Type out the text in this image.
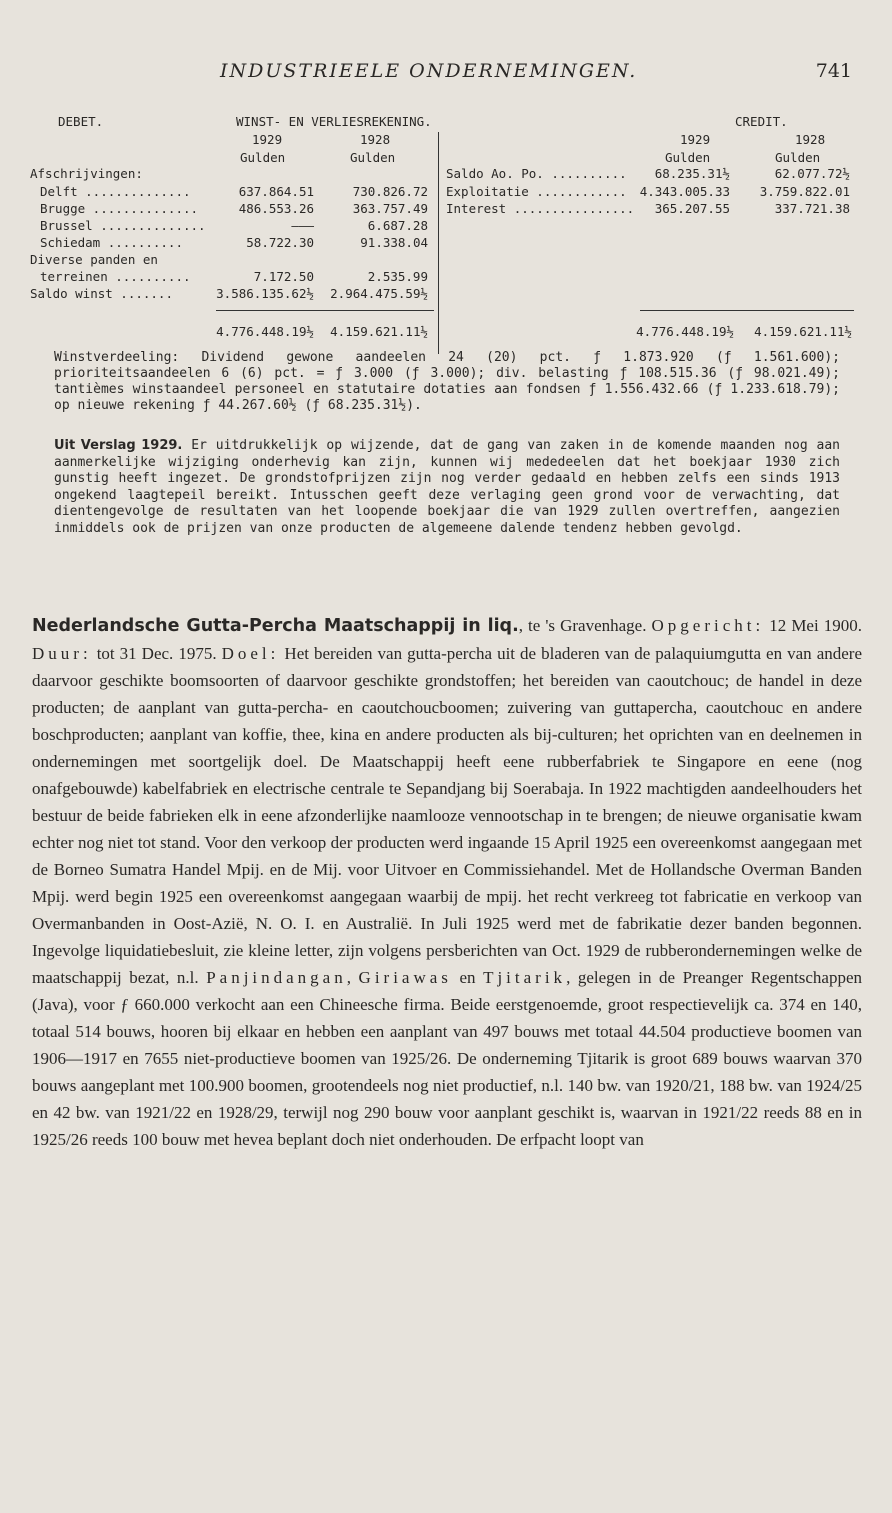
INDUSTRIEELE ONDERNEMINGEN.	741
DEBET.	WINST- EN VERLIESREKENING.	CREDIT.
1929	1928
Gulden	Gulden
1929	1928
Gulden	Gulden
Afschrijvingen:
Delft ..............	637.864.51	730.826.72
Brugge ..............	486.553.26	363.757.49
Brussel ..............	———	6.687.28
Schiedam ..........	58.722.30	91.338.04
Diverse panden en
terreinen ..........	7.172.50	2.535.99
Saldo winst .......	3.586.135.62½	2.964.475.59½
4.776.448.19½	4.159.621.11½
Saldo Ao. Po. ..........	68.235.31½	62.077.72½
Exploitatie ............	4.343.005.33	3.759.822.01
Interest ................	365.207.55	337.721.38
4.776.448.19½	4.159.621.11½
Winstverdeeling: Dividend gewone aandeelen 24 (20) pct. ƒ 1.873.920 (ƒ 1.561.600); prioriteitsaandeelen 6 (6) pct. = ƒ 3.000 (ƒ 3.000); div. belasting ƒ 108.515.36 (ƒ 98.021.49); tantièmes winstaandeel personeel en statutaire dotaties aan fondsen ƒ 1.556.432.66 (ƒ 1.233.618.79); op nieuwe rekening ƒ 44.267.60½ (ƒ 68.235.31½).
Uit Verslag 1929. Er uitdrukkelijk op wijzende, dat de gang van zaken in de komende maanden nog aan aanmerkelijke wijziging onderhevig kan zijn, kunnen wij mededeelen dat het boekjaar 1930 zich gunstig heeft ingezet. De grondstofprijzen zijn nog verder gedaald en hebben zelfs een sinds 1913 ongekend laagtepeil bereikt. Intusschen geeft deze verlaging geen grond voor de verwachting, dat dientengevolge de resultaten van het loopende boekjaar die van 1929 zullen overtreffen, aangezien inmiddels ook de prijzen van onze producten de algemeene dalende tendenz hebben gevolgd.
Nederlandsche Gutta-Percha Maatschappij in liq., te 's Gravenhage. Opgericht: 12 Mei 1900. Duur: tot 31 Dec. 1975. Doel: Het bereiden van gutta-percha uit de bladeren van de palaquiumgutta en van andere daarvoor geschikte boomsoorten of daarvoor geschikte grondstoffen; het bereiden van caoutchouc; de handel in deze producten; de aanplant van gutta-percha- en caoutchoucboomen; zuivering van guttapercha, caoutchouc en andere boschproducten; aanplant van koffie, thee, kina en andere producten als bij-culturen; het oprichten van en deelnemen in ondernemingen met soortgelijk doel. De Maatschappij heeft eene rubberfabriek te Singapore en eene (nog onafgebouwde) kabelfabriek en electrische centrale te Sepandjang bij Soerabaja. In 1922 machtigden aandeelhouders het bestuur de beide fabrieken elk in eene afzonderlijke naamlooze vennootschap in te brengen; de nieuwe organisatie kwam echter nog niet tot stand. Voor den verkoop der producten werd ingaande 15 April 1925 een overeenkomst aangegaan met de Borneo Sumatra Handel Mpij. en de Mij. voor Uitvoer en Commissiehandel. Met de Hollandsche Overman Banden Mpij. werd begin 1925 een overeenkomst aangegaan waarbij de mpij. het recht verkreeg tot fabricatie en verkoop van Overmanbanden in Oost-Azië, N. O. I. en Australië. In Juli 1925 werd met de fabrikatie dezer banden begonnen. Ingevolge liquidatiebesluit, zie kleine letter, zijn volgens persberichten van Oct. 1929 de rubberondernemingen welke de maatschappij bezat, n.l. Panjindangan, Giriawas en Tjitarik, gelegen in de Preanger Regentschappen (Java), voor ƒ 660.000 verkocht aan een Chineesche firma. Beide eerstgenoemde, groot respectievelijk ca. 374 en 140, totaal 514 bouws, hooren bij elkaar en hebben een aanplant van 497 bouws met totaal 44.504 productieve boomen van 1906—1917 en 7655 niet-productieve boomen van 1925/26. De onderneming Tjitarik is groot 689 bouws waarvan 370 bouws aangeplant met 100.900 boomen, grootendeels nog niet productief, n.l. 140 bw. van 1920/21, 188 bw. van 1924/25 en 42 bw. van 1921/22 en 1928/29, terwijl nog 290 bouw voor aanplant geschikt is, waarvan in 1921/22 reeds 88 en in 1925/26 reeds 100 bouw met hevea beplant doch niet onderhouden. De erfpacht loopt van
